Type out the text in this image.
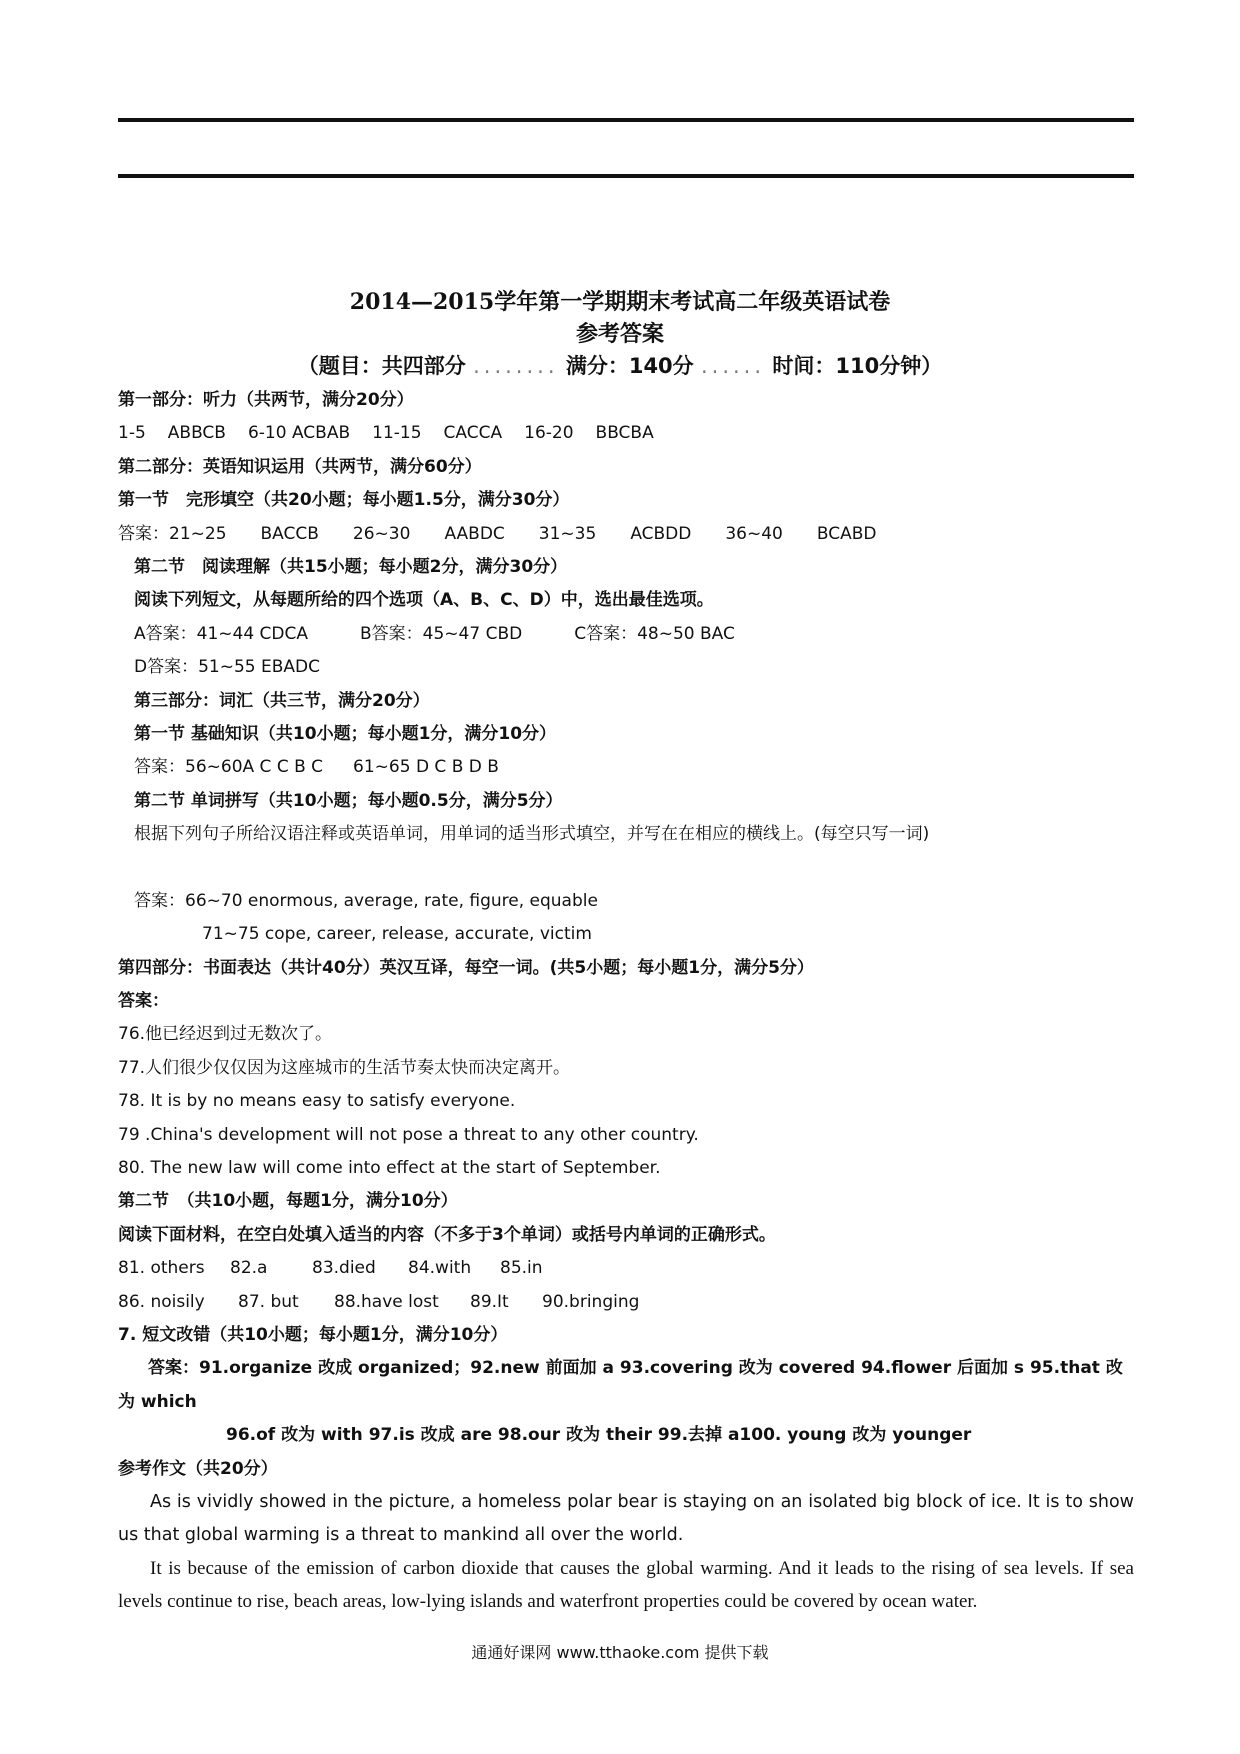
2014—2015学年第一学期期末考试高二年级英语试卷
参考答案
（题目：共四部分 ........ 满分：140分 ...... 时间：110分钟）

第一部分：听力（共两节，满分20分）

1-5 ABBCB 6-10 ACBAB 11-15 CACCA 16-20 BBCBA

第二部分：英语知识运用（共两节，满分60分）

第一节　完形填空（共20小题；每小题1.5分，满分30分）

答案：21~25 BACCB 26~30 AABDC 31~35 ACBDD 36~40 BCABD

第二节　阅读理解（共15小题；每小题2分，满分30分）

阅读下列短文，从每题所给的四个选项（A、B、C、D）中，选出最佳选项。

A答案：41~44 CDCA	B答案：45~47 CBD	C答案：48~50 BAC

D答案：51~55 EBADC

第三部分：词汇（共三节，满分20分）

第一节 基础知识（共10小题；每小题1分，满分10分）

答案：56~60A C C B C 61~65 D C B D B

第二节 单词拼写（共10小题；每小题0.5分，满分5分）

根据下列句子所给汉语注释或英语单词，用单词的适当形式填空，并写在在相应的横线上。(每空只写一词)

答案：66~70 enormous, average, rate, figure, equable

71~75 cope, career, release, accurate, victim

第四部分：书面表达（共计40分）英汉互译，每空一词。(共5小题；每小题1分，满分5分）

答案：

76.他已经迟到过无数次了。

77.人们很少仅仅因为这座城市的生活节奏太快而决定离开。

78. It is by no means easy to satisfy everyone.

79 .China's development will not pose a threat to any other country.

80. The new law will come into effect at the start of September.

第二节　（共10小题，每题1分，满分10分）

阅读下面材料，在空白处填入适当的内容（不多于3个单词）或括号内单词的正确形式。

81. others 82.a	83.died 84.with 85.in

86. noisily 87. but 88.have lost 89.It 90.bringing

7. 短文改错（共10小题；每小题1分，满分10分）

答案：91.organize 改成 organized；92.new 前面加 a 93.covering 改为 covered 94.flower 后面加 s 95.that 改为 which

96.of 改为 with 97.is 改成 are 98.our 改为 their 99.去掉 a100. young 改为 younger

参考作文（共20分）

As is vividly showed in the picture, a homeless polar bear is staying on an isolated big block of ice. It is to show us that global warming is a threat to mankind all over the world.

It is because of the emission of carbon dioxide that causes the global warming. And it leads to the rising of sea levels. If sea levels continue to rise, beach areas, low-lying islands and waterfront properties could be covered by ocean water.

通通好课网 www.tthaoke.com 提供下载
